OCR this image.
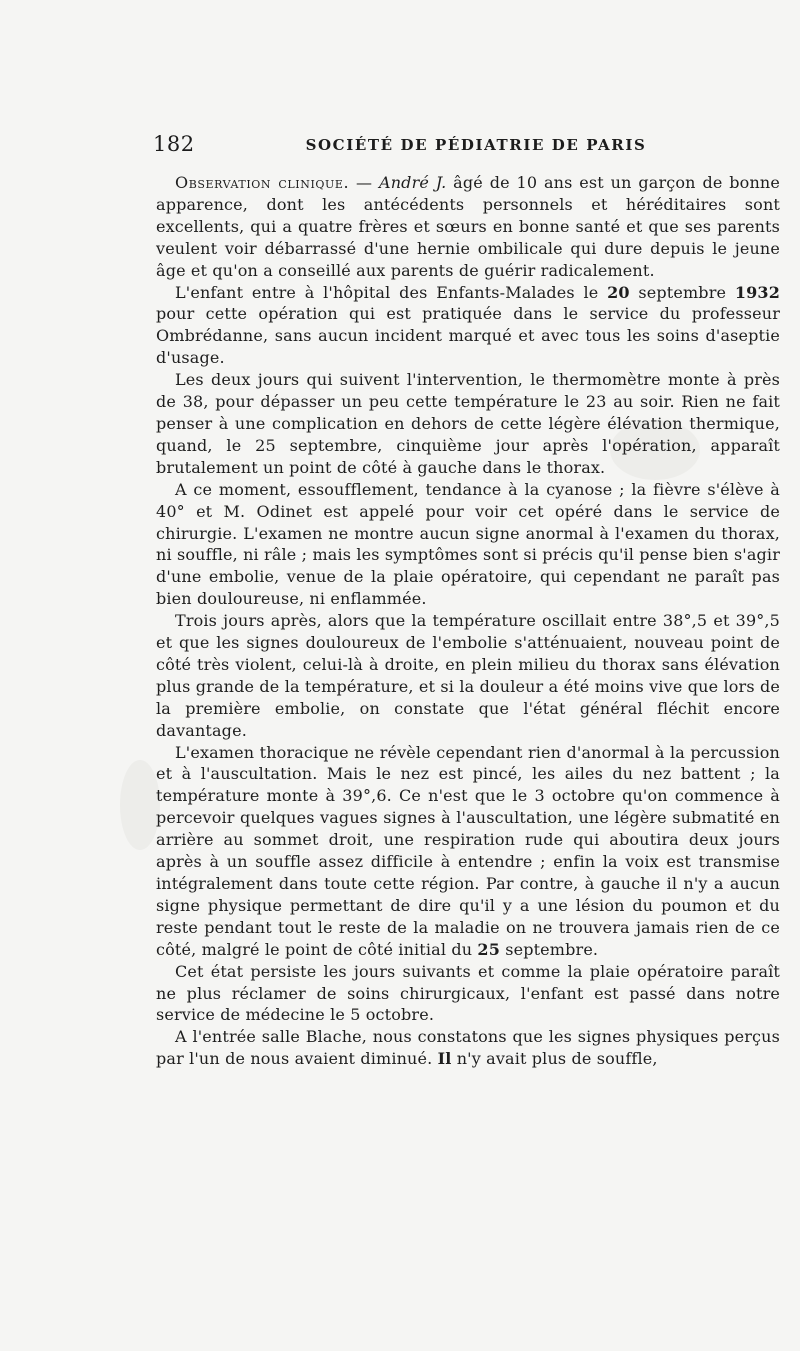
182	SOCIÉTÉ DE PÉDIATRIE DE PARIS

Observation clinique. — André J. âgé de 10 ans est un garçon de bonne apparence, dont les antécédents personnels et héréditaires sont excellents, qui a quatre frères et sœurs en bonne santé et que ses parents veulent voir débarrassé d'une hernie ombilicale qui dure depuis le jeune âge et qu'on a conseillé aux parents de guérir radicalement.

L'enfant entre à l'hôpital des Enfants-Malades le 20 septembre 1932 pour cette opération qui est pratiquée dans le service du professeur Ombrédanne, sans aucun incident marqué et avec tous les soins d'aseptie d'usage.

Les deux jours qui suivent l'intervention, le thermomètre monte à près de 38, pour dépasser un peu cette température le 23 au soir. Rien ne fait penser à une complication en dehors de cette légère élévation thermique, quand, le 25 septembre, cinquième jour après l'opération, apparaît brutalement un point de côté à gauche dans le thorax.

A ce moment, essoufflement, tendance à la cyanose ; la fièvre s'élève à 40° et M. Odinet est appelé pour voir cet opéré dans le service de chirurgie. L'examen ne montre aucun signe anormal à l'examen du thorax, ni souffle, ni râle ; mais les symptômes sont si précis qu'il pense bien s'agir d'une embolie, venue de la plaie opératoire, qui cependant ne paraît pas bien douloureuse, ni enflammée.

Trois jours après, alors que la température oscillait entre 38°,5 et 39°,5 et que les signes douloureux de l'embolie s'atténuaient, nouveau point de côté très violent, celui-là à droite, en plein milieu du thorax sans élévation plus grande de la température, et si la douleur a été moins vive que lors de la première embolie, on constate que l'état général fléchit encore davantage.

L'examen thoracique ne révèle cependant rien d'anormal à la percussion et à l'auscultation. Mais le nez est pincé, les ailes du nez battent ; la température monte à 39°,6. Ce n'est que le 3 octobre qu'on commence à percevoir quelques vagues signes à l'auscultation, une légère submatité en arrière au sommet droit, une respiration rude qui aboutira deux jours après à un souffle assez difficile à entendre ; enfin la voix est transmise intégralement dans toute cette région. Par contre, à gauche il n'y a aucun signe physique permettant de dire qu'il y a une lésion du poumon et du reste pendant tout le reste de la maladie on ne trouvera jamais rien de ce côté, malgré le point de côté initial du 25 septembre.

Cet état persiste les jours suivants et comme la plaie opératoire paraît ne plus réclamer de soins chirurgicaux, l'enfant est passé dans notre service de médecine le 5 octobre.

A l'entrée salle Blache, nous constatons que les signes physiques perçus par l'un de nous avaient diminué. Il n'y avait plus de souffle,
